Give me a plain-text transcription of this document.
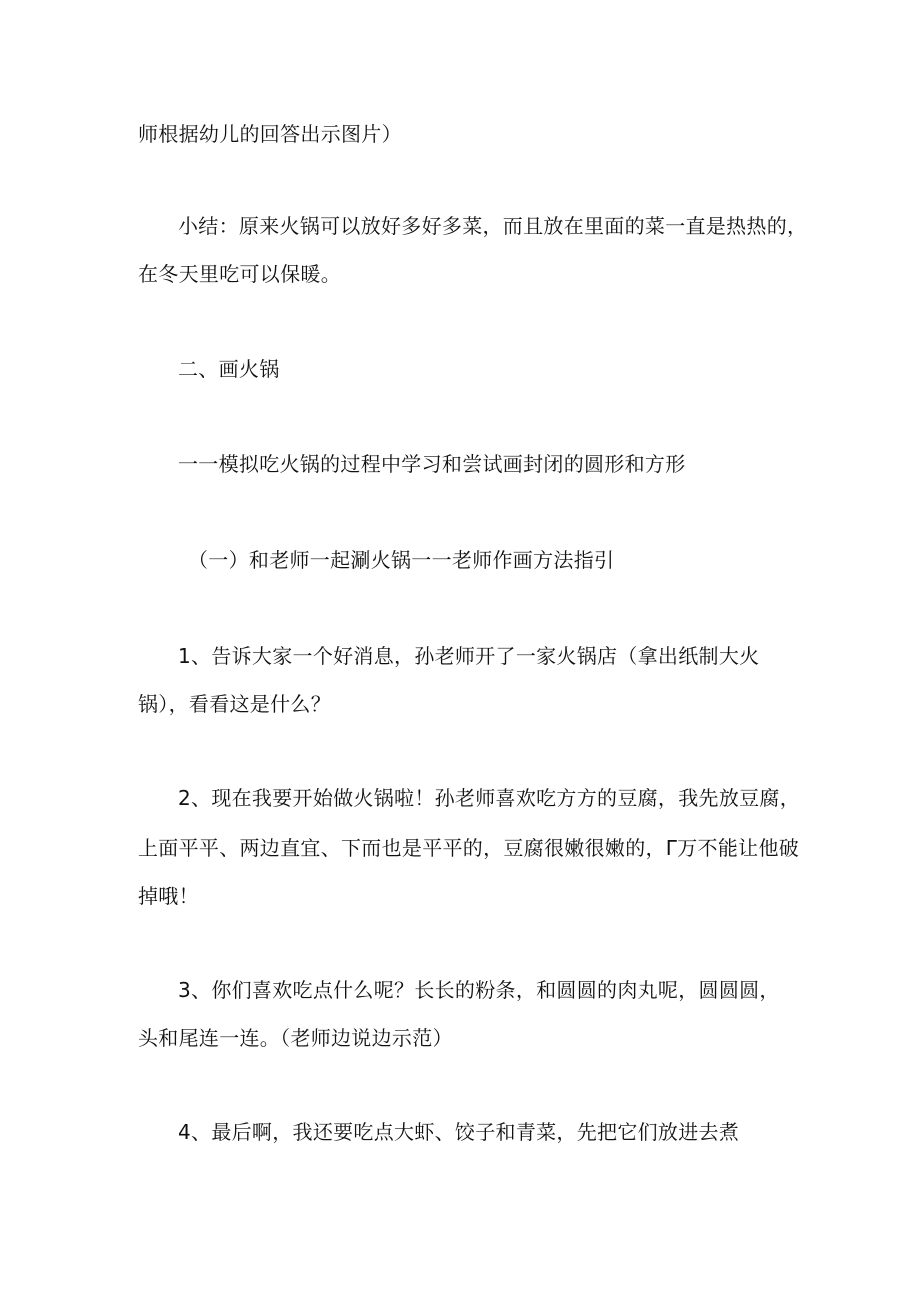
师根据幼儿的回答出示图片）
小结：原来火锅可以放好多好多菜，而且放在里面的菜一直是热热的，
在冬天里吃可以保暖。
二、画火锅
一一模拟吃火锅的过程中学习和尝试画封闭的圆形和方形
（一）和老师一起涮火锅一一老师作画方法指引
1、告诉大家一个好消息，孙老师开了一家火锅店（拿出纸制大火
锅），看看这是什么？
2、现在我要开始做火锅啦！孙老师喜欢吃方方的豆腐，我先放豆腐，
上面平平、两边直宜、下而也是平平的，豆腐很嫩很嫩的，Γ万不能让他破
掉哦！
3、你们喜欢吃点什么呢？长长的粉条，和圆圆的肉丸呢，圆圆圆，
头和尾连一连。（老师边说边示范）
4、最后啊，我还要吃点大虾、饺子和青菜，先把它们放进去煮
